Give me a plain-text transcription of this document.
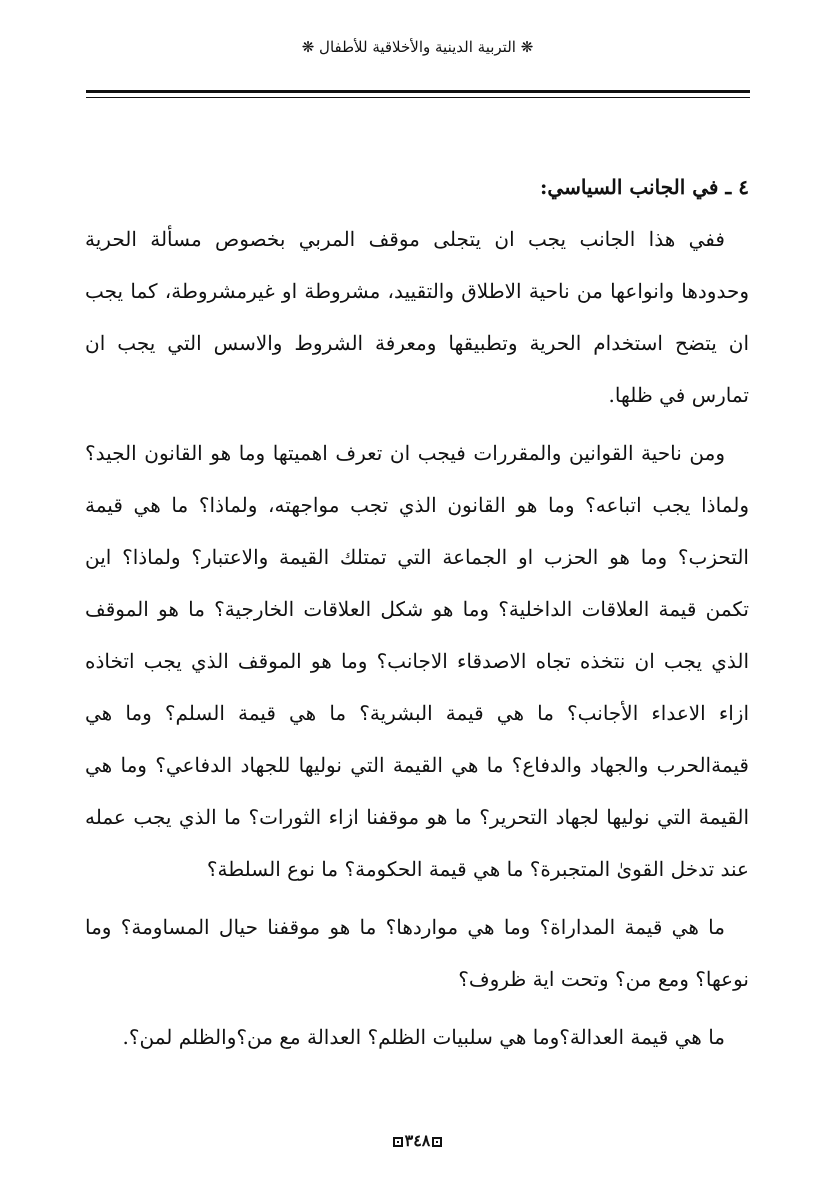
❋ التربية الدينية والأخلاقية للأطفال ❋
٤ ـ في الجانب السياسي:

ففي هذا الجانب يجب ان يتجلى موقف المربي بخصوص مسألة الحرية وحدودها وانواعها من ناحية الاطلاق والتقييد، مشروطة او غيرمشروطة، كما يجب ان يتضح استخدام الحرية وتطبيقها ومعرفة الشروط والاسس التي يجب ان تمارس في ظلها.

ومن ناحية القوانين والمقررات فيجب ان تعرف اهميتها وما هو القانون الجيد؟ ولماذا يجب اتباعه؟ وما هو القانون الذي تجب مواجهته، ولماذا؟ ما هي قيمة التحزب؟ وما هو الحزب او الجماعة التي تمتلك القيمة والاعتبار؟ ولماذا؟ اين تكمن قيمة العلاقات الداخلية؟ وما هو شكل العلاقات الخارجية؟ ما هو الموقف الذي يجب ان نتخذه تجاه الاصدقاء الاجانب؟ وما هو الموقف الذي يجب اتخاذه ازاء الاعداء الأجانب؟ ما هي قيمة البشرية؟ ما هي قيمة السلم؟ وما هي قيمةالحرب والجهاد والدفاع؟ ما هي القيمة التي نوليها للجهاد الدفاعي؟ وما هي القيمة التي نوليها لجهاد التحرير؟ ما هو موقفنا ازاء الثورات؟ ما الذي يجب عمله عند تدخل القوىٰ المتجبرة؟ ما هي قيمة الحكومة؟ ما نوع السلطة؟

ما هي قيمة المداراة؟ وما هي مواردها؟ ما هو موقفنا حيال المساومة؟ وما نوعها؟ ومع من؟ وتحت اية ظروف؟

ما هي قيمة العدالة؟وما هي سلبيات الظلم؟ العدالة مع من؟والظلم لمن؟.

٣٤٨
